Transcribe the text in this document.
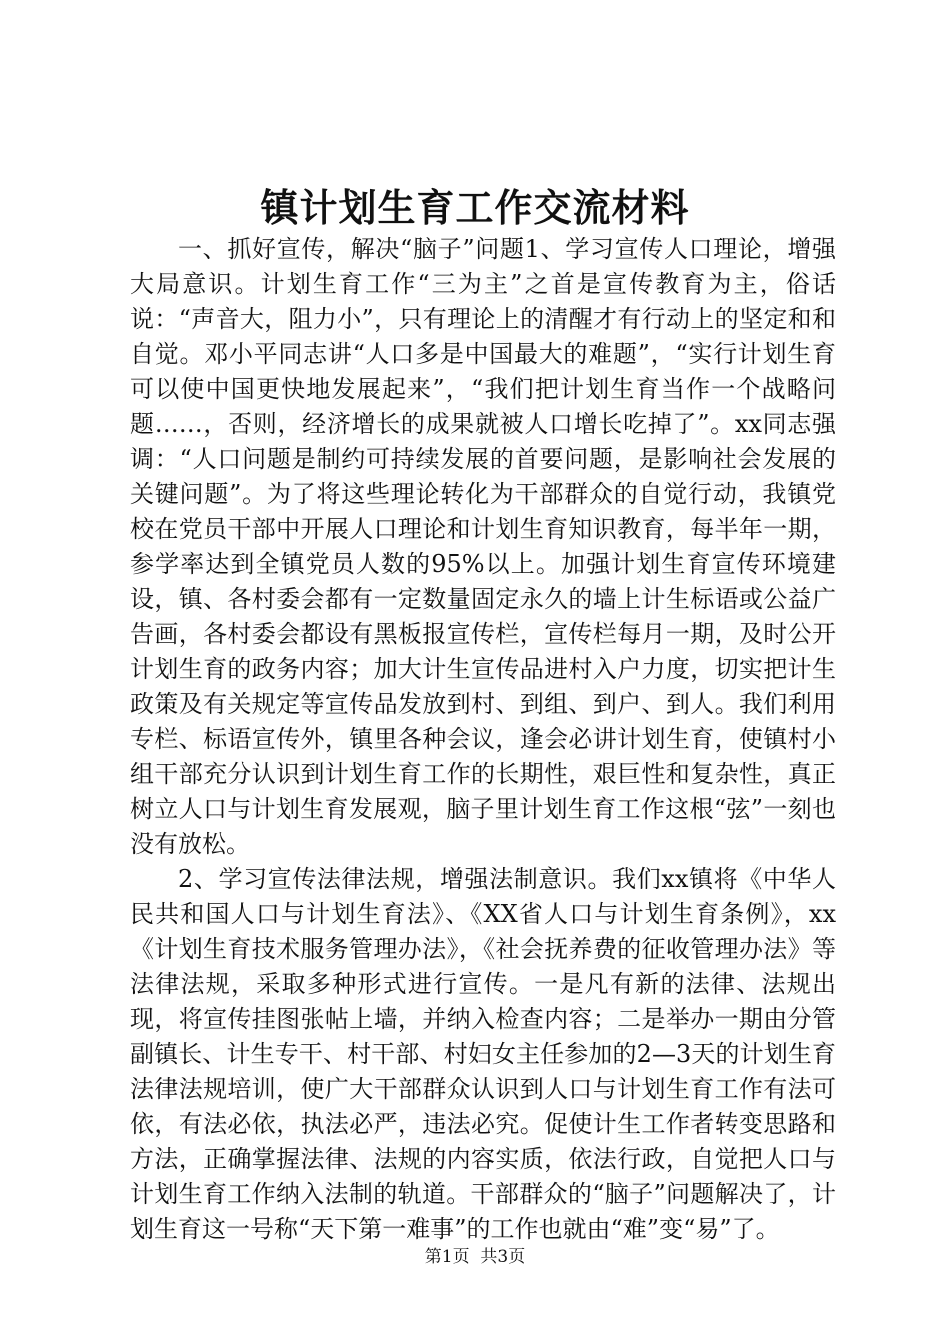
镇计划生育工作交流材料

一、抓好宣传，解决“脑子”问题1、学习宣传人口理论，增强大局意识。计划生育工作“三为主”之首是宣传教育为主，俗话说：“声音大，阻力小”，只有理论上的清醒才有行动上的坚定和和自觉。邓小平同志讲“人口多是中国最大的难题”，“实行计划生育可以使中国更快地发展起来”，“我们把计划生育当作一个战略问题……，否则，经济增长的成果就被人口增长吃掉了”。xx同志强调：“人口问题是制约可持续发展的首要问题，是影响社会发展的关键问题”。为了将这些理论转化为干部群众的自觉行动，我镇党校在党员干部中开展人口理论和计划生育知识教育，每半年一期，参学率达到全镇党员人数的95%以上。加强计划生育宣传环境建设，镇、各村委会都有一定数量固定永久的墙上计生标语或公益广告画，各村委会都设有黑板报宣传栏，宣传栏每月一期，及时公开计划生育的政务内容；加大计生宣传品进村入户力度，切实把计生政策及有关规定等宣传品发放到村、到组、到户、到人。我们利用专栏、标语宣传外，镇里各种会议，逢会必讲计划生育，使镇村小组干部充分认识到计划生育工作的长期性，艰巨性和复杂性，真正树立人口与计划生育发展观，脑子里计划生育工作这根“弦”一刻也没有放松。

2、学习宣传法律法规，增强法制意识。我们xx镇将《中华人民共和国人口与计划生育法》、《XX省人口与计划生育条例》，xx《计划生育技术服务管理办法》，《社会抚养费的征收管理办法》等法律法规，采取多种形式进行宣传。一是凡有新的法律、法规出现，将宣传挂图张帖上墙，并纳入检查内容；二是举办一期由分管副镇长、计生专干、村干部、村妇女主任参加的2—3天的计划生育法律法规培训，使广大干部群众认识到人口与计划生育工作有法可依，有法必依，执法必严，违法必究。促使计生工作者转变思路和方法，正确掌握法律、法规的内容实质，依法行政，自觉把人口与计划生育工作纳入法制的轨道。干部群众的“脑子”问题解决了，计划生育这一号称“天下第一难事”的工作也就由“难”变“易”了。

第1页  共3页
